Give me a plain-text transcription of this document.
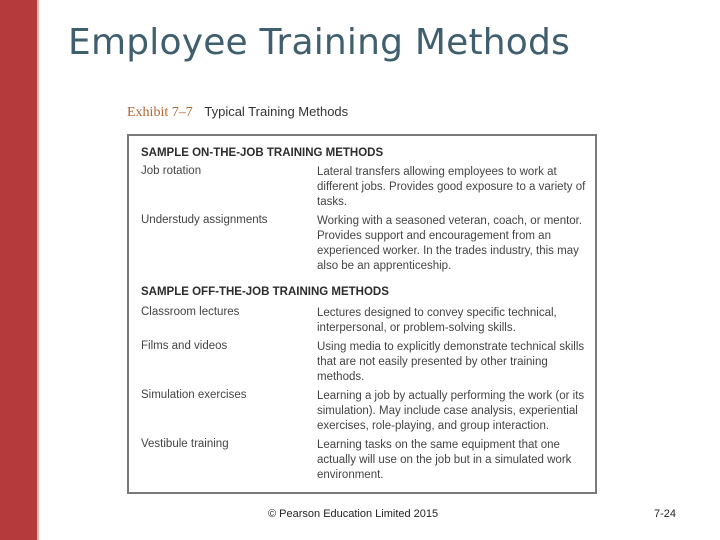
Employee Training Methods
Exhibit 7–7 Typical Training Methods
SAMPLE ON-THE-JOB TRAINING METHODS
Job rotation	Lateral transfers allowing employees to work at different jobs. Provides good exposure to a variety of tasks.
Understudy assignments	Working with a seasoned veteran, coach, or mentor. Provides support and encouragement from an experienced worker. In the trades industry, this may also be an apprenticeship.
SAMPLE OFF-THE-JOB TRAINING METHODS
Classroom lectures	Lectures designed to convey specific technical, interpersonal, or problem-solving skills.
Films and videos	Using media to explicitly demonstrate technical skills that are not easily presented by other training methods.
Simulation exercises	Learning a job by actually performing the work (or its simulation). May include case analysis, experiential exercises, role-playing, and group interaction.
Vestibule training	Learning tasks on the same equipment that one actually will use on the job but in a simulated work environment.
© Pearson Education Limited 2015	7-24
